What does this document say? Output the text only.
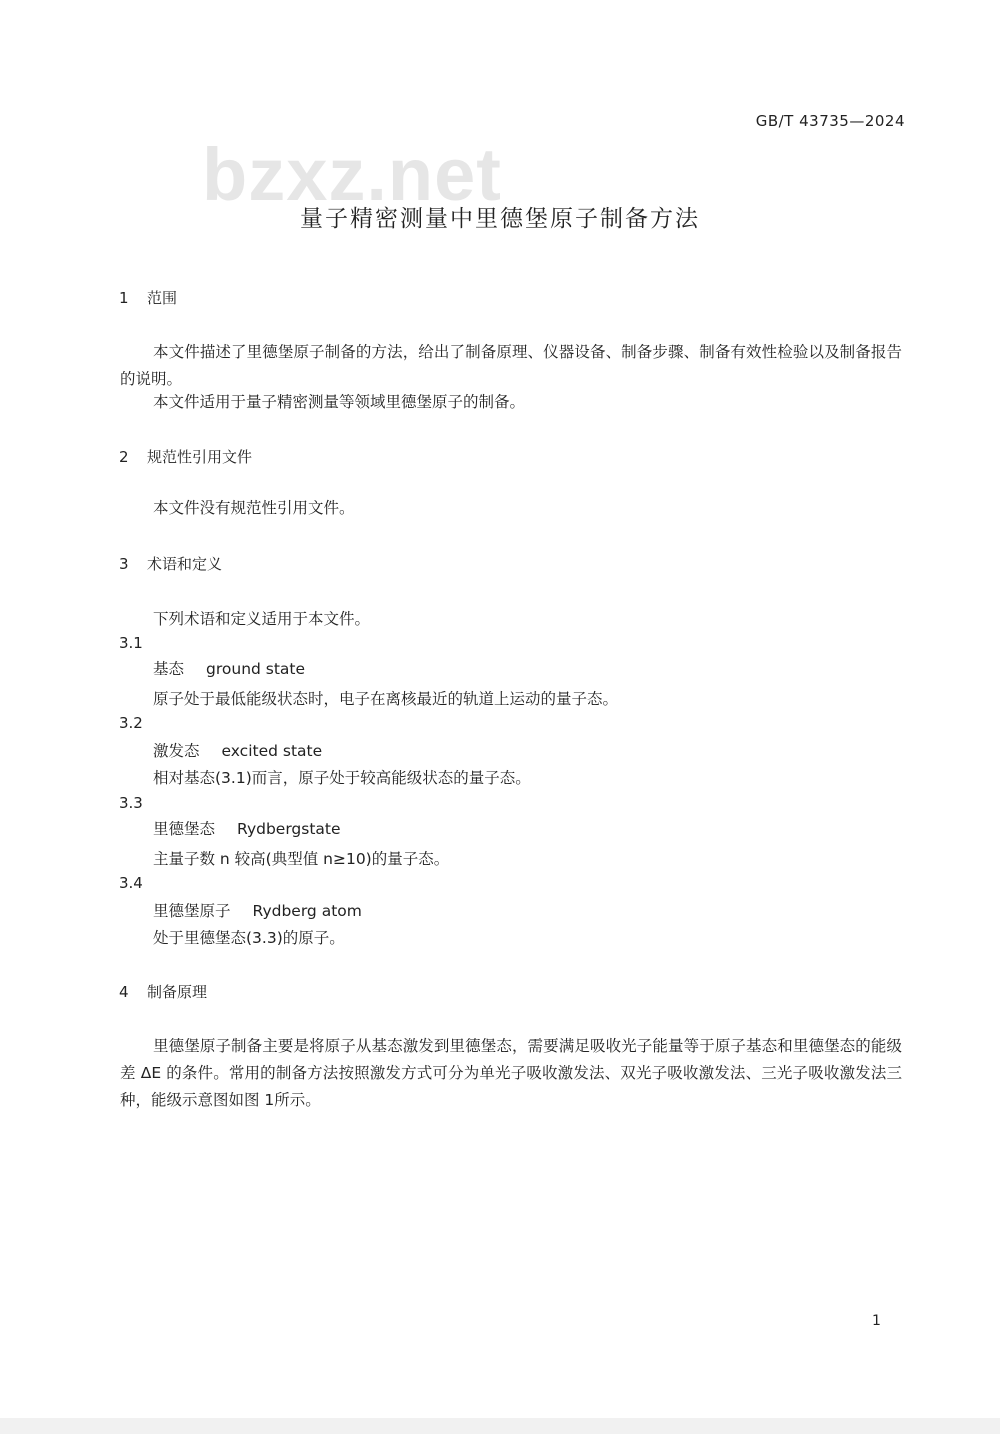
GB/T 43735—2024
bzxz.net
量子精密测量中里德堡原子制备方法
1 范围
本文件描述了里德堡原子制备的方法，给出了制备原理、仪器设备、制备步骤、制备有效性检验以及制备报告的说明。
本文件适用于量子精密测量等领域里德堡原子的制备。
2 规范性引用文件
本文件没有规范性引用文件。
3 术语和定义
下列术语和定义适用于本文件。
3.1
基态 ground state
原子处于最低能级状态时，电子在离核最近的轨道上运动的量子态。
3.2
激发态 excited state
相对基态(3.1)而言，原子处于较高能级状态的量子态。
3.3
里德堡态 Rydbergstate
主量子数 n 较高(典型值 n≥10)的量子态。
3.4
里德堡原子 Rydberg atom
处于里德堡态(3.3)的原子。
4 制备原理
里德堡原子制备主要是将原子从基态激发到里德堡态，需要满足吸收光子能量等于原子基态和里德堡态的能级差 ΔE 的条件。常用的制备方法按照激发方式可分为单光子吸收激发法、双光子吸收激发法、三光子吸收激发法三种，能级示意图如图 1所示。
1
